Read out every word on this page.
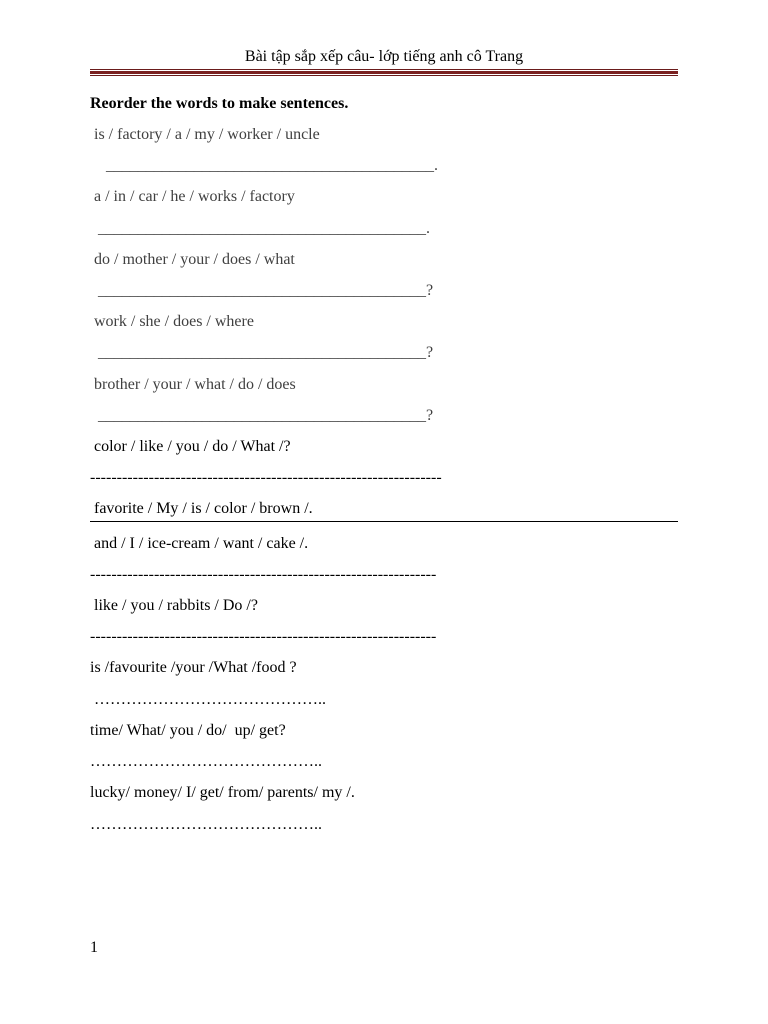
Bài tập sắp xếp câu- lớp tiếng anh cô Trang
Reorder the words to make sentences.
is / factory / a / my / worker / uncle
_________________________________________.
a / in / car / he / works / factory
_________________________________________.
do / mother / your / does / what
_________________________________________?
work / she / does / where
_________________________________________?
brother / your / what / do / does
_________________________________________?
color / like / you / do / What /?
------------------------------------------------------------------
favorite / My / is / color / brown /.
and / I / ice-cream / want / cake /.
-----------------------------------------------------------------
like / you / rabbits / Do /?
-----------------------------------------------------------------
is /favourite /your /What /food ?
……………………………………..
time/ What/ you / do/  up/ get?
……………………………………..
lucky/ money/ I/ get/ from/ parents/ my /.
……………………………………..
1
